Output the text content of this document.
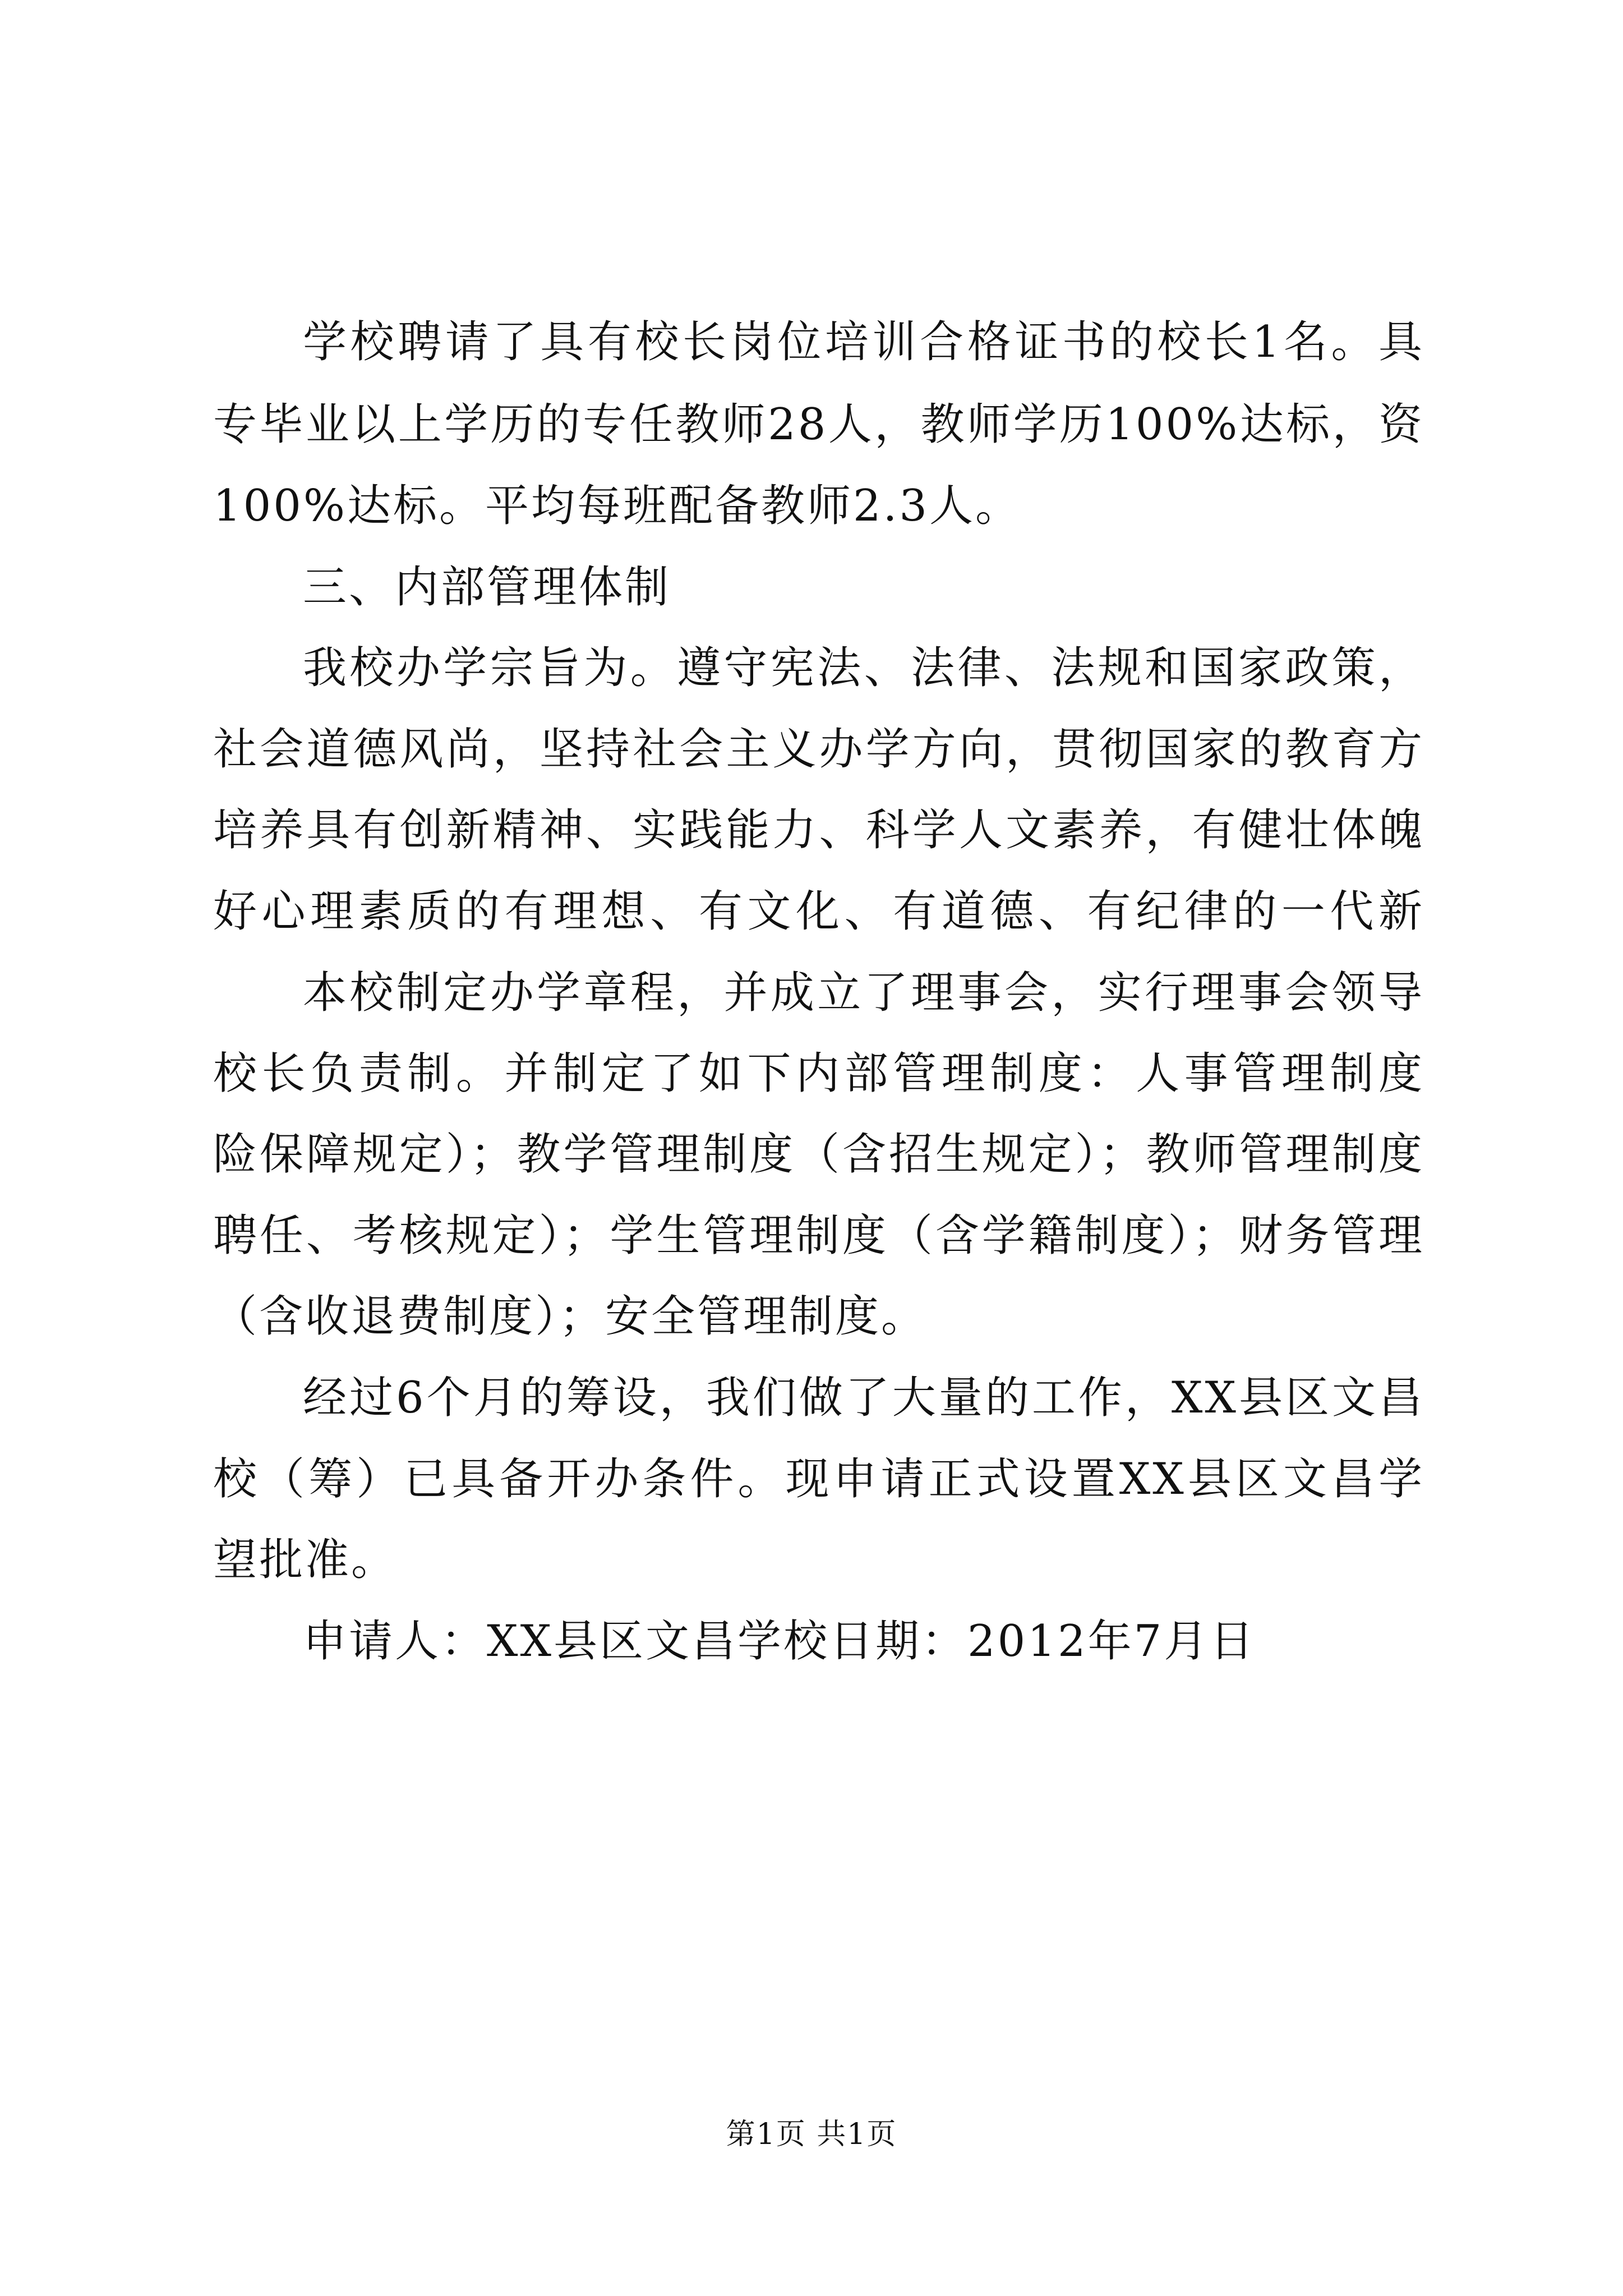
学校聘请了具有校长岗位培训合格证书的校长1名。具
专毕业以上学历的专任教师28人，教师学历100%达标，资
100%达标。平均每班配备教师2.3人。
三、内部管理体制
我校办学宗旨为。遵守宪法、法律、法规和国家政策，
社会道德风尚，坚持社会主义办学方向，贯彻国家的教育方
培养具有创新精神、实践能力、科学人文素养，有健壮体魄
好心理素质的有理想、有文化、有道德、有纪律的一代新
本校制定办学章程，并成立了理事会，实行理事会领导
校长负责制。并制定了如下内部管理制度：人事管理制度
险保障规定）；教学管理制度（含招生规定）；教师管理制度
聘任、考核规定）；学生管理制度（含学籍制度）；财务管理
（含收退费制度）；安全管理制度。
经过6个月的筹设，我们做了大量的工作，XX县区文昌
校（筹）已具备开办条件。现申请正式设置XX县区文昌学
望批准。
申请人：XX县区文昌学校日期：2012年7月日
第1页 共1页
